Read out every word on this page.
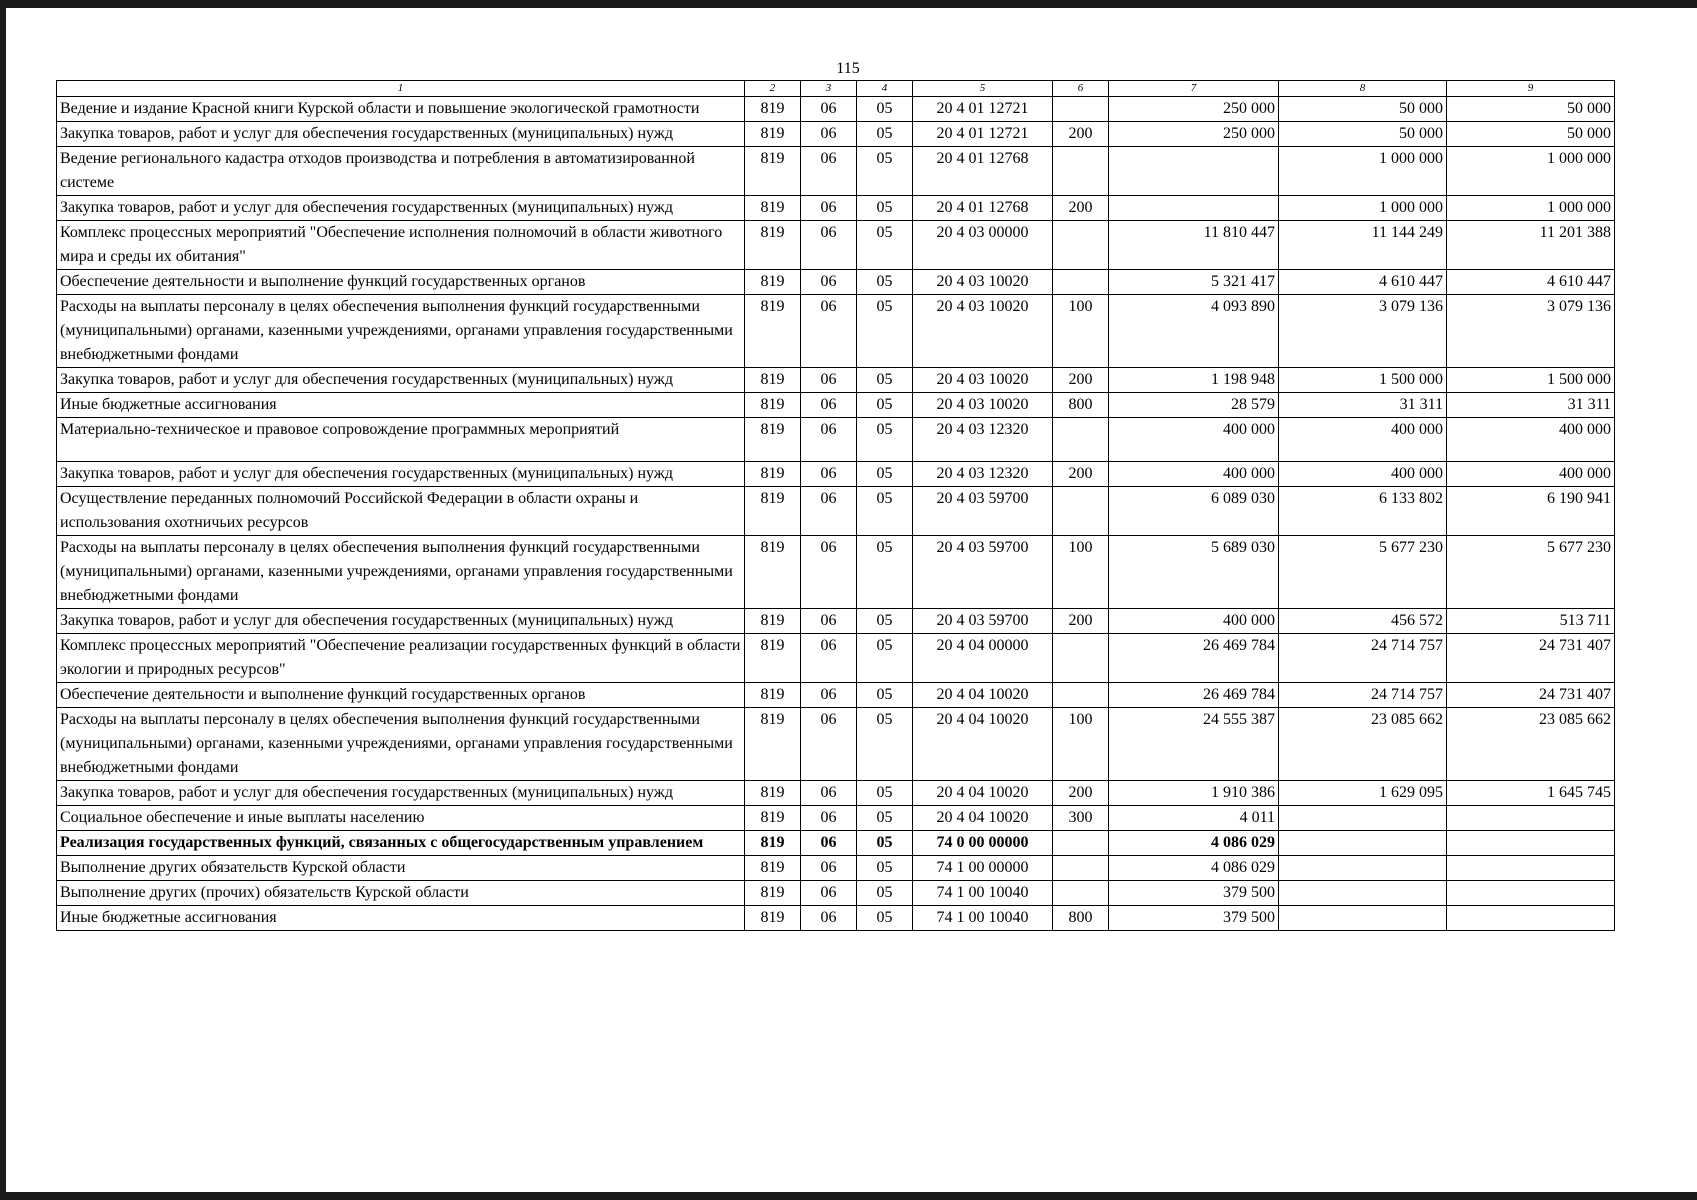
115
1	2	3	4	5	6	7	8	9
Ведение и издание Красной книги Курской области и повышение экологической грамотности	819	06	05	20 4 01 12721		250 000	50 000	50 000
Закупка товаров, работ и услуг для обеспечения государственных (муниципальных) нужд	819	06	05	20 4 01 12721	200	250 000	50 000	50 000
Ведение регионального кадастра отходов производства и потребления в автоматизированной системе	819	06	05	20 4 01 12768			1 000 000	1 000 000
Закупка товаров, работ и услуг для обеспечения государственных (муниципальных) нужд	819	06	05	20 4 01 12768	200		1 000 000	1 000 000
Комплекс процессных мероприятий "Обеспечение исполнения полномочий в области животного мира и среды их обитания"	819	06	05	20 4 03 00000		11 810 447	11 144 249	11 201 388
Обеспечение деятельности и выполнение функций государственных органов	819	06	05	20 4 03 10020		5 321 417	4 610 447	4 610 447
Расходы на выплаты персоналу в целях обеспечения выполнения функций государственными (муниципальными) органами, казенными учреждениями, органами управления государственными внебюджетными фондами	819	06	05	20 4 03 10020	100	4 093 890	3 079 136	3 079 136
Закупка товаров, работ и услуг для обеспечения государственных (муниципальных) нужд	819	06	05	20 4 03 10020	200	1 198 948	1 500 000	1 500 000
Иные бюджетные ассигнования	819	06	05	20 4 03 10020	800	28 579	31 311	31 311
Материально-техническое и правовое сопровождение программных мероприятий	819	06	05	20 4 03 12320		400 000	400 000	400 000
Закупка товаров, работ и услуг для обеспечения государственных (муниципальных) нужд	819	06	05	20 4 03 12320	200	400 000	400 000	400 000
Осуществление переданных полномочий Российской Федерации в области охраны и использования охотничьих ресурсов	819	06	05	20 4 03 59700		6 089 030	6 133 802	6 190 941
Расходы на выплаты персоналу в целях обеспечения выполнения функций государственными (муниципальными) органами, казенными учреждениями, органами управления государственными внебюджетными фондами	819	06	05	20 4 03 59700	100	5 689 030	5 677 230	5 677 230
Закупка товаров, работ и услуг для обеспечения государственных (муниципальных) нужд	819	06	05	20 4 03 59700	200	400 000	456 572	513 711
Комплекс процессных мероприятий "Обеспечение реализации государственных функций в области экологии и природных ресурсов"	819	06	05	20 4 04 00000		26 469 784	24 714 757	24 731 407
Обеспечение деятельности и выполнение функций государственных органов	819	06	05	20 4 04 10020		26 469 784	24 714 757	24 731 407
Расходы на выплаты персоналу в целях обеспечения выполнения функций государственными (муниципальными) органами, казенными учреждениями, органами управления государственными внебюджетными фондами	819	06	05	20 4 04 10020	100	24 555 387	23 085 662	23 085 662
Закупка товаров, работ и услуг для обеспечения государственных (муниципальных) нужд	819	06	05	20 4 04 10020	200	1 910 386	1 629 095	1 645 745
Социальное обеспечение и иные выплаты населению	819	06	05	20 4 04 10020	300	4 011		
Реализация государственных функций, связанных с общегосударственным управлением	819	06	05	74 0 00 00000		4 086 029		
Выполнение других обязательств Курской области	819	06	05	74 1 00 00000		4 086 029		
Выполнение других (прочих) обязательств Курской области	819	06	05	74 1 00 10040		379 500		
Иные бюджетные ассигнования	819	06	05	74 1 00 10040	800	379 500		
